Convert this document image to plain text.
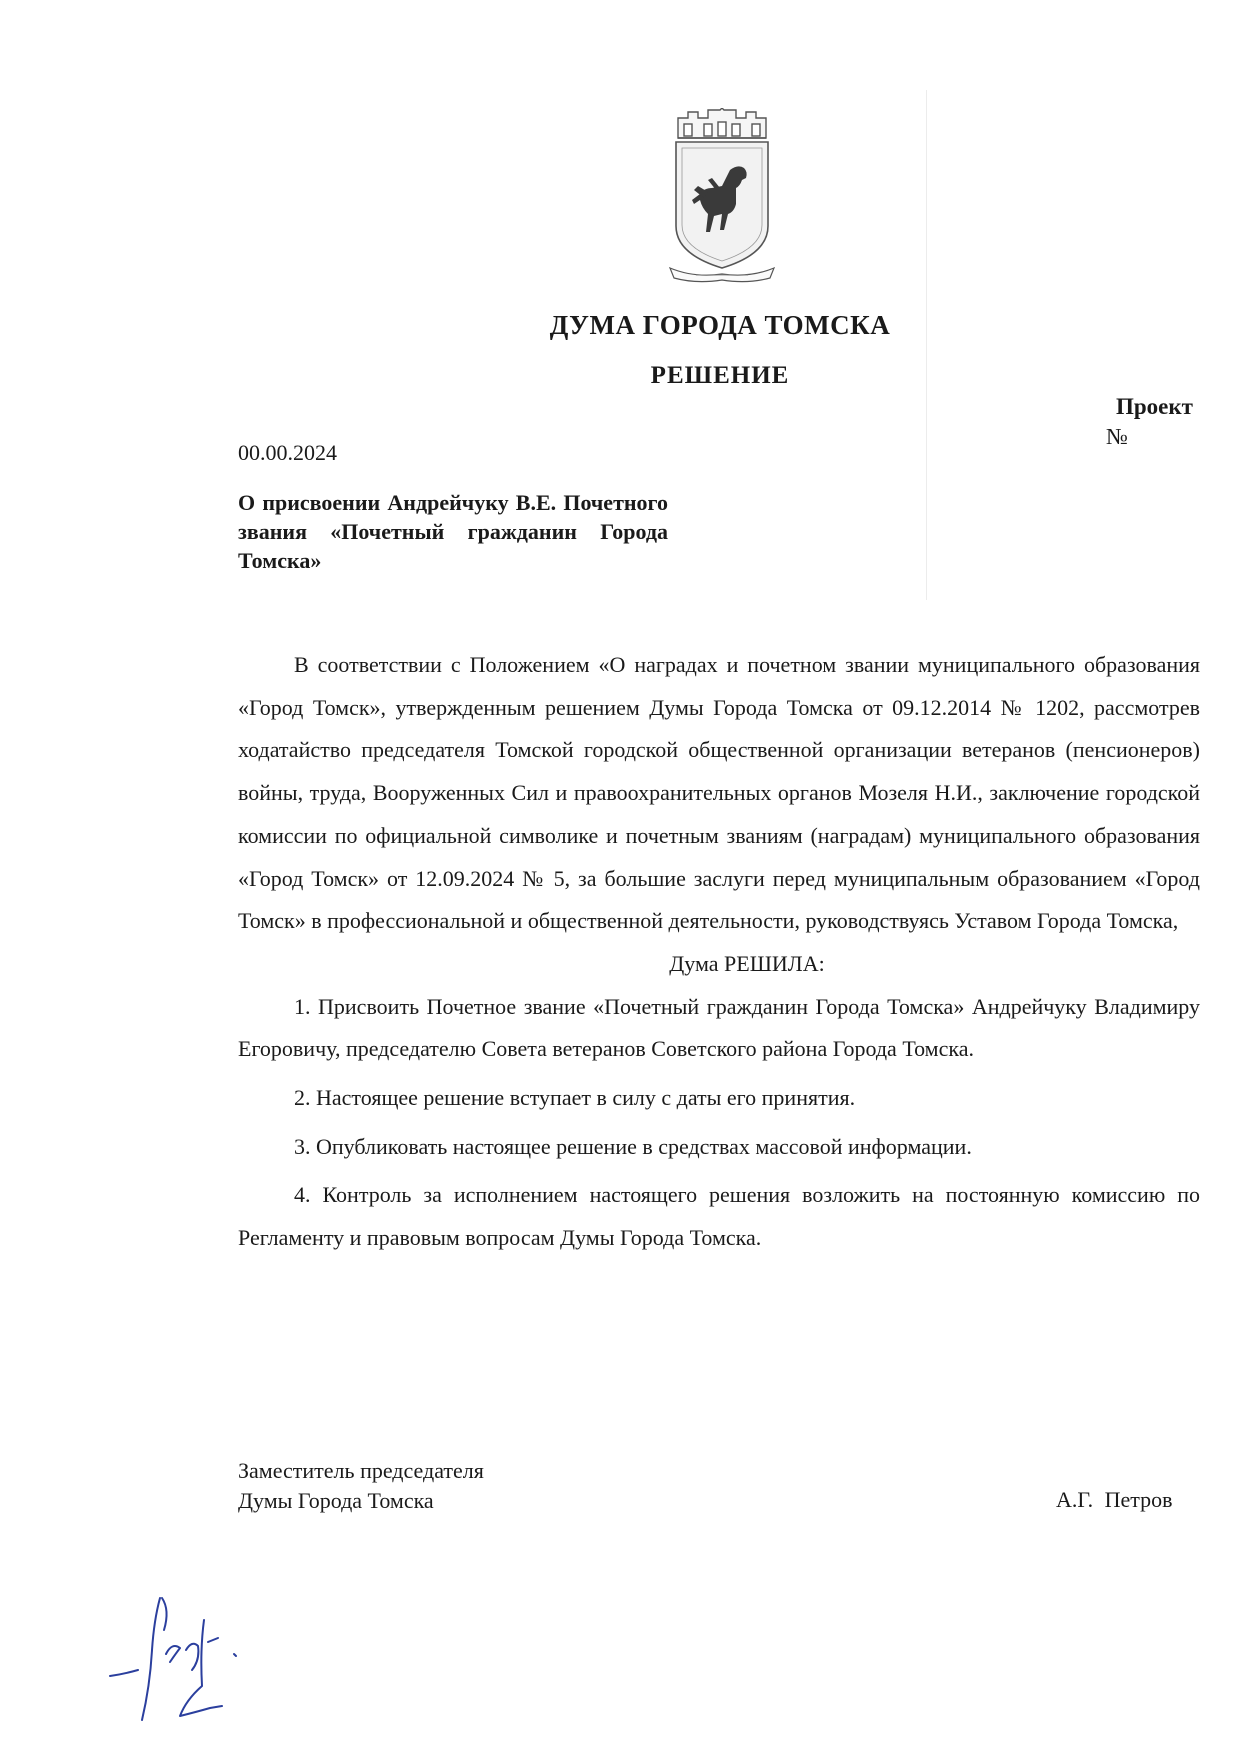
ДУМА ГОРОДА ТОМСКА
РЕШЕНИЕ
Проект
№
00.00.2024
О присвоении Андрейчуку В.Е. Почетного звания «Почетный гражданин Города Томска»

В соответствии с Положением «О наградах и почетном звании муниципального образования «Город Томск», утвержденным решением Думы Города Томска от 09.12.2014 № 1202, рассмотрев ходатайство председателя Томской городской общественной организации ветеранов (пенсионеров) войны, труда, Вооруженных Сил и правоохранительных органов Мозеля Н.И., заключение городской комиссии по официальной символике и почетным званиям (наградам) муниципального образования «Город Томск» от 12.09.2024 № 5, за большие заслуги перед муниципальным образованием «Город Томск» в профессиональной и общественной деятельности, руководствуясь Уставом Города Томска,

Дума РЕШИЛА:

1. Присвоить Почетное звание «Почетный гражданин Города Томска» Андрейчуку Владимиру Егоровичу, председателю Совета ветеранов Советского района Города Томска.

2. Настоящее решение вступает в силу с даты его принятия.

3. Опубликовать настоящее решение в средствах массовой информации.

4. Контроль за исполнением настоящего решения возложить на постоянную комиссию по Регламенту и правовым вопросам Думы Города Томска.

Заместитель председателя
Думы Города Томска	А.Г. Петров
